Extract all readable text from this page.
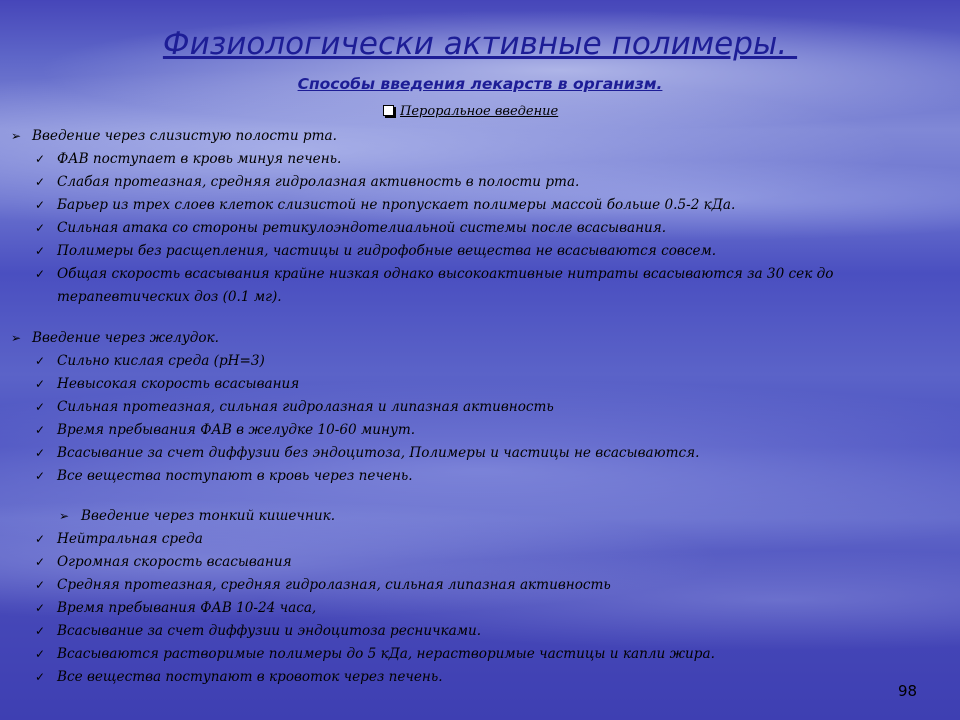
Физиологически активные полимеры.
Способы введения лекарств в организм.
Пероральное введение
➢ Введение через слизистую полости рта.
✓ ФАВ поступает в кровь минуя печень.
✓ Слабая протеазная, средняя гидролазная активность в полости рта.
✓ Барьер из трех слоев клеток слизистой не пропускает полимеры массой больше 0.5-2 кДа.
✓ Сильная атака со стороны ретикулоэндотелиальной системы после всасывания.
✓ Полимеры без расщепления, частицы и гидрофобные вещества не всасываются совсем.
✓ Общая скорость всасывания крайне низкая однако высокоактивные нитраты всасываются за 30 сек до
терапевтических доз (0.1 мг).
➢ Введение через желудок.
✓ Сильно кислая среда (pH=3)
✓ Невысокая скорость всасывания
✓ Сильная протеазная, сильная гидролазная и липазная активность
✓ Время пребывания ФАВ в желудке 10-60 минут.
✓ Всасывание за счет диффузии без эндоцитоза, Полимеры и частицы не всасываются.
✓ Все вещества поступают в кровь через печень.
➢ Введение через тонкий кишечник.
✓ Нейтральная среда
✓ Огромная скорость всасывания
✓ Средняя протеазная, средняя гидролазная, сильная липазная активность
✓ Время пребывания ФАВ 10-24 часа,
✓ Всасывание за счет диффузии и эндоцитоза ресничками.
✓ Всасываются растворимые полимеры до 5 кДа, нерастворимые частицы и капли жира.
✓ Все вещества поступают в кровоток через печень.
98
